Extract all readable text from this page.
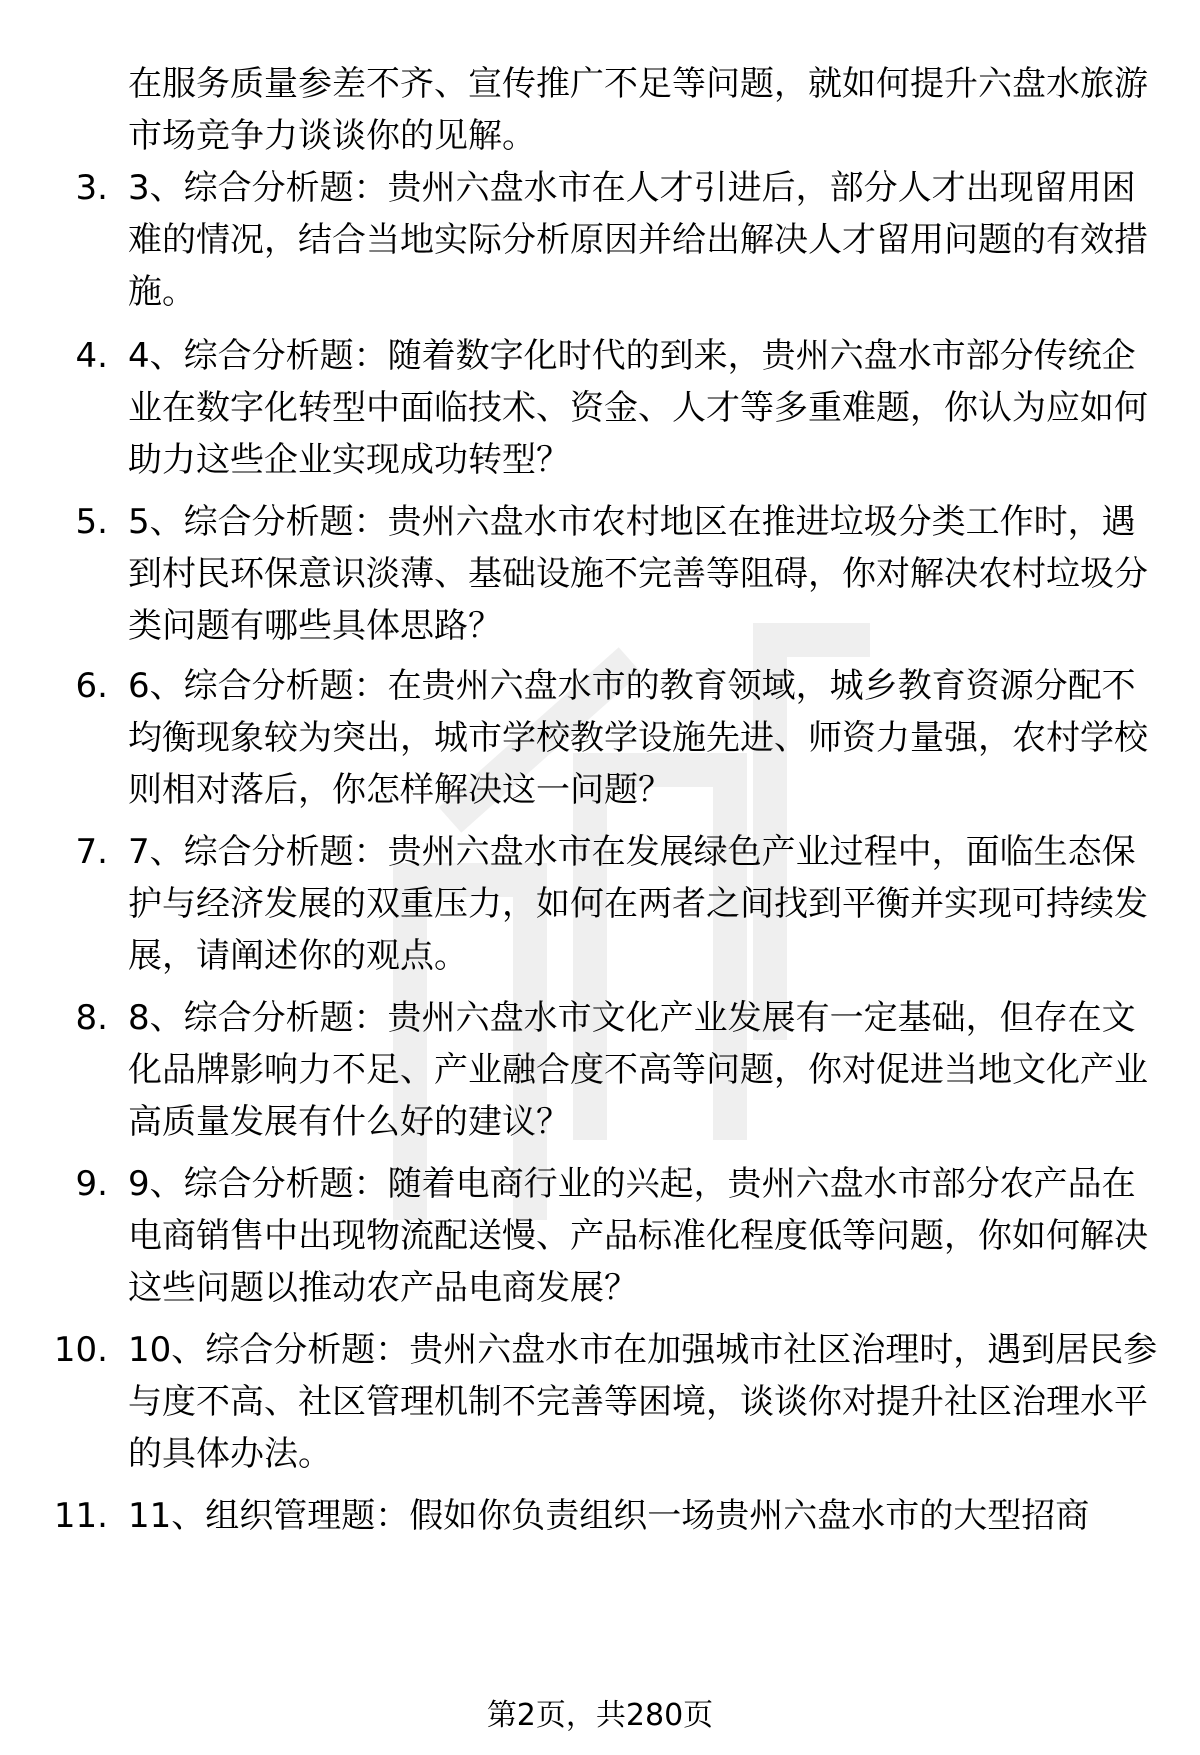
在服务质量参差不齐、宣传推广不足等问题，就如何提升六盘水旅游市场竞争力谈谈你的见解。

3. 3、综合分析题：贵州六盘水市在人才引进后，部分人才出现留用困难的情况，结合当地实际分析原因并给出解决人才留用问题的有效措施。

4. 4、综合分析题：随着数字化时代的到来，贵州六盘水市部分传统企业在数字化转型中面临技术、资金、人才等多重难题，你认为应如何助力这些企业实现成功转型？

5. 5、综合分析题：贵州六盘水市农村地区在推进垃圾分类工作时，遇到村民环保意识淡薄、基础设施不完善等阻碍，你对解决农村垃圾分类问题有哪些具体思路？

6. 6、综合分析题：在贵州六盘水市的教育领域，城乡教育资源分配不均衡现象较为突出，城市学校教学设施先进、师资力量强，农村学校则相对落后，你怎样解决这一问题？

7. 7、综合分析题：贵州六盘水市在发展绿色产业过程中，面临生态保护与经济发展的双重压力，如何在两者之间找到平衡并实现可持续发展，请阐述你的观点。

8. 8、综合分析题：贵州六盘水市文化产业发展有一定基础，但存在文化品牌影响力不足、产业融合度不高等问题，你对促进当地文化产业高质量发展有什么好的建议？

9. 9、综合分析题：随着电商行业的兴起，贵州六盘水市部分农产品在电商销售中出现物流配送慢、产品标准化程度低等问题，你如何解决这些问题以推动农产品电商发展？

10. 10、综合分析题：贵州六盘水市在加强城市社区治理时，遇到居民参与度不高、社区管理机制不完善等困境，谈谈你对提升社区治理水平的具体办法。

11. 11、组织管理题：假如你负责组织一场贵州六盘水市的大型招商

第2页，共280页
